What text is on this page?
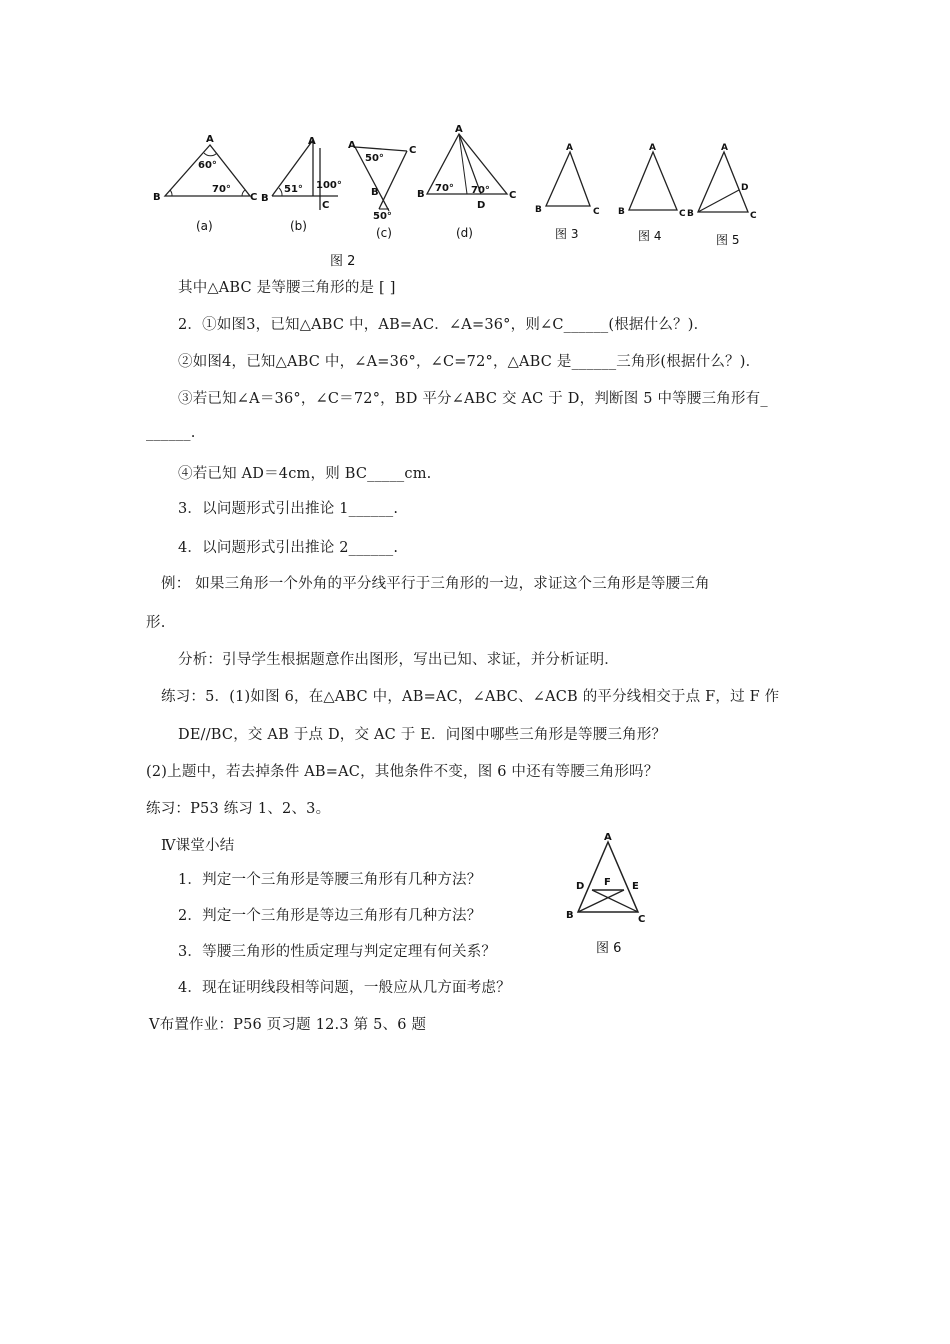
A
B	C
60°
70°
(a)
A
B
C
51° 100°
(b)
A	C
B
50°
50°
(c)
A
B	C
D
70° 70°
(d)
图 2
A
B	C
图 3
A
B	C
图 4
A
B	C
D
图 5
其中△ABC 是等腰三角形的是 [ ]
2．①如图3，已知△ABC 中，AB=AC．∠A=36°，则∠C______(根据什么？)．
②如图4，已知△ABC 中，∠A=36°，∠C=72°，△ABC 是______三角形(根据什么？)．
③若已知∠A＝36°，∠C＝72°，BD 平分∠ABC 交 AC 于 D，判断图 5 中等腰三角形有_
______.
④若已知 AD＝4cm，则 BC_____cm.
3．以问题形式引出推论 1______.
4．以问题形式引出推论 2______.
例： 如果三角形一个外角的平分线平行于三角形的一边，求证这个三角形是等腰三角
形.
分析：引导学生根据题意作出图形，写出已知、求证，并分析证明．
练习：5．(1)如图 6，在△ABC 中，AB=AC，∠ABC、∠ACB 的平分线相交于点 F，过 F 作
DE//BC，交 AB 于点 D，交 AC 于 E．问图中哪些三角形是等腰三角形？
(2)上题中，若去掉条件 AB=AC，其他条件不变，图 6 中还有等腰三角形吗？
练习：P53 练习 1、2、3。
Ⅳ课堂小结
1．判定一个三角形是等腰三角形有几种方法？
2．判定一个三角形是等边三角形有几种方法？
3．等腰三角形的性质定理与判定定理有何关系？
4．现在证明线段相等问题，一般应从几方面考虑？
Ⅴ布置作业：P56 页习题 12.3 第 5、6 题
A
D F E
B	C
图 6
